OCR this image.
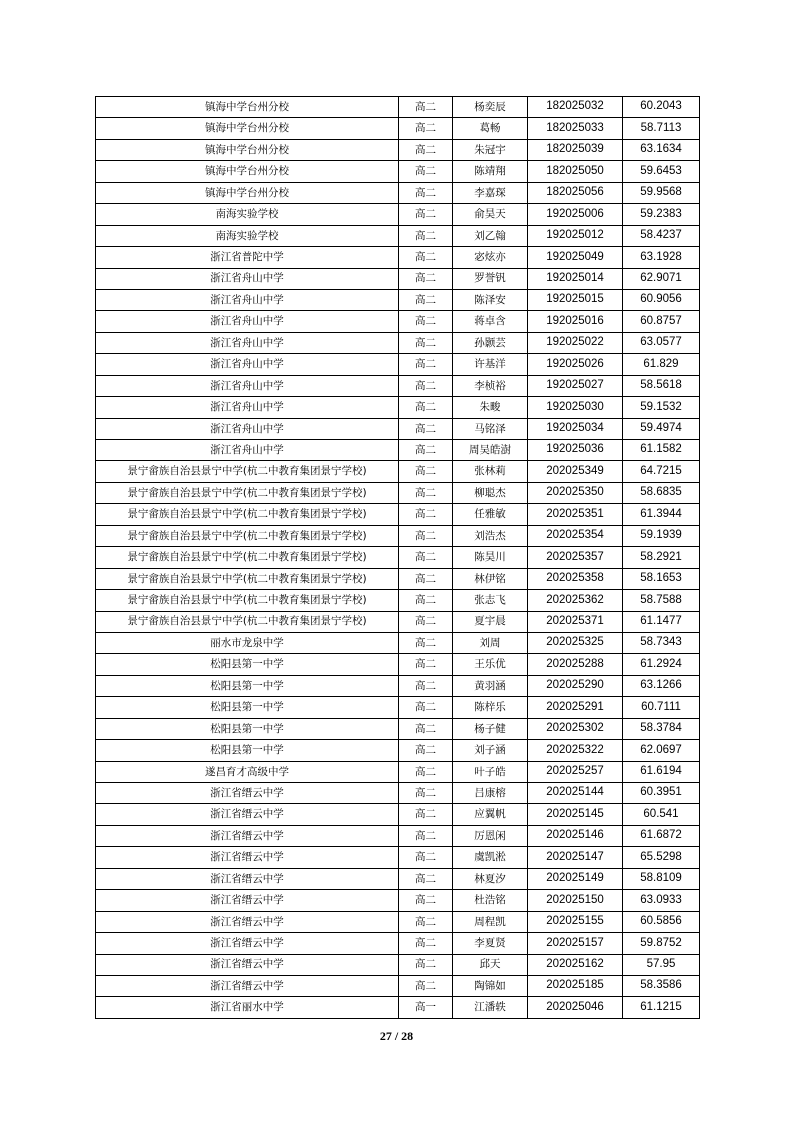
镇海中学台州分校	高二	杨奕辰	182025032	60.2043
镇海中学台州分校	高二	葛畅	182025033	58.7113
镇海中学台州分校	高二	朱冠宇	182025039	63.1634
镇海中学台州分校	高二	陈靖翔	182025050	59.6453
镇海中学台州分校	高二	李嘉琛	182025056	59.9568
南海实验学校	高二	俞昊天	192025006	59.2383
南海实验学校	高二	刘乙翰	192025012	58.4237
浙江省普陀中学	高二	宓炫亦	192025049	63.1928
浙江省舟山中学	高二	罗誉钒	192025014	62.9071
浙江省舟山中学	高二	陈泽安	192025015	60.9056
浙江省舟山中学	高二	蒋卓含	192025016	60.8757
浙江省舟山中学	高二	孙颢芸	192025022	63.0577
浙江省舟山中学	高二	许基洋	192025026	61.829
浙江省舟山中学	高二	李桢裕	192025027	58.5618
浙江省舟山中学	高二	朱畯	192025030	59.1532
浙江省舟山中学	高二	马铭泽	192025034	59.4974
浙江省舟山中学	高二	周吴皓澍	192025036	61.1582
景宁畲族自治县景宁中学(杭二中教育集团景宁学校)	高二	张林莉	202025349	64.7215
景宁畲族自治县景宁中学(杭二中教育集团景宁学校)	高二	柳聪杰	202025350	58.6835
景宁畲族自治县景宁中学(杭二中教育集团景宁学校)	高二	任雅敏	202025351	61.3944
景宁畲族自治县景宁中学(杭二中教育集团景宁学校)	高二	刘浩杰	202025354	59.1939
景宁畲族自治县景宁中学(杭二中教育集团景宁学校)	高二	陈昊川	202025357	58.2921
景宁畲族自治县景宁中学(杭二中教育集团景宁学校)	高二	林伊铭	202025358	58.1653
景宁畲族自治县景宁中学(杭二中教育集团景宁学校)	高二	张志飞	202025362	58.7588
景宁畲族自治县景宁中学(杭二中教育集团景宁学校)	高二	夏宇晨	202025371	61.1477
丽水市龙泉中学	高二	刘周	202025325	58.7343
松阳县第一中学	高二	王乐优	202025288	61.2924
松阳县第一中学	高二	黄羽涵	202025290	63.1266
松阳县第一中学	高二	陈梓乐	202025291	60.7111
松阳县第一中学	高二	杨子健	202025302	58.3784
松阳县第一中学	高二	刘子涵	202025322	62.0697
遂昌育才高级中学	高二	叶子皓	202025257	61.6194
浙江省缙云中学	高二	吕康榕	202025144	60.3951
浙江省缙云中学	高二	应翼帆	202025145	60.541
浙江省缙云中学	高二	厉恩闲	202025146	61.6872
浙江省缙云中学	高二	虞凯淞	202025147	65.5298
浙江省缙云中学	高二	林夏汐	202025149	58.8109
浙江省缙云中学	高二	杜浩铭	202025150	63.0933
浙江省缙云中学	高二	周程凯	202025155	60.5856
浙江省缙云中学	高二	李夏贤	202025157	59.8752
浙江省缙云中学	高二	邱天	202025162	57.95
浙江省缙云中学	高二	陶锦如	202025185	58.3586
浙江省丽水中学	高一	江潘轶	202025046	61.1215
27 / 28
